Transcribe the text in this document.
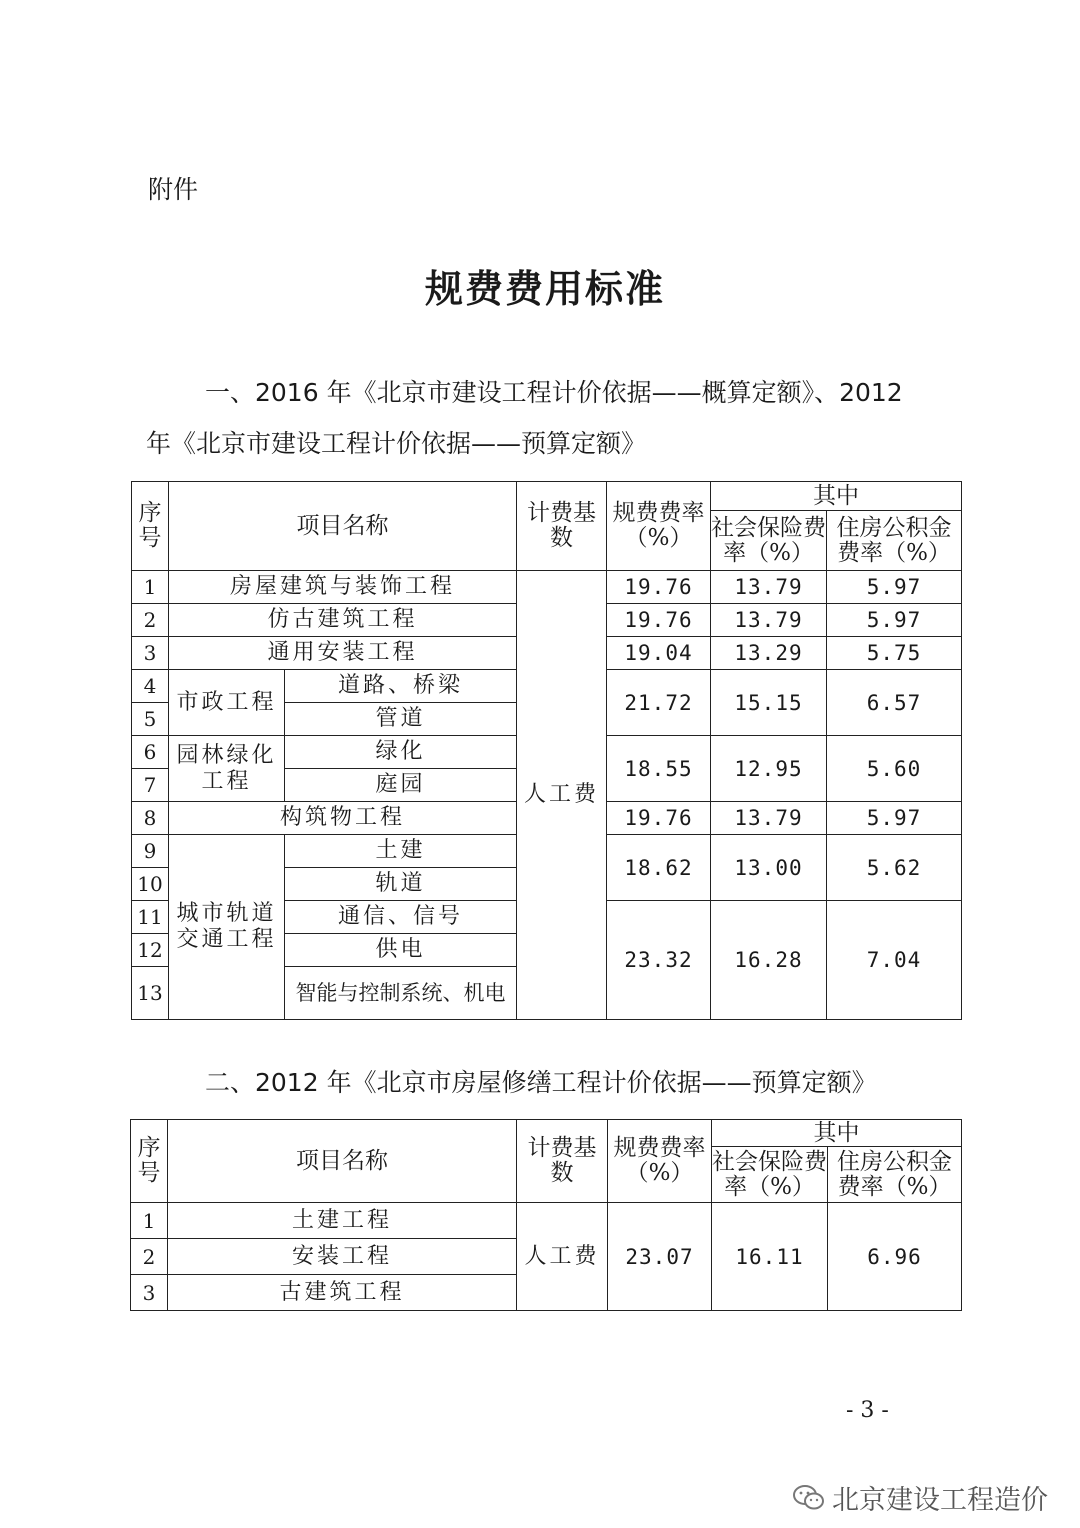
附件
规费费用标准
一、2016 年《北京市建设工程计价依据——概算定额》、2012
年《北京市建设工程计价依据——预算定额》
序号	项目名称		计费基数	规费费率（%）	其中	
					社会保险费率（%）	住房公积金费率（%）
1	房屋建筑与装饰工程		人工费	19.76	13.79	5.97
2	仿古建筑工程			19.76	13.79	5.97
3	通用安装工程			19.04	13.29	5.75
4	市政工程	道路、桥梁		21.72	15.15	6.57
5		管道				
6	园林绿化工程	绿化		18.55	12.95	5.60
7		庭园				
8	构筑物工程			19.76	13.79	5.97
9	城市轨道交通工程	土建		18.62	13.00	5.62
10		轨道				
11		通信、信号		23.32	16.28	7.04
12		供电				
13		智能与控制系统、机电				
二、2012 年《北京市房屋修缮工程计价依据——预算定额》
序号	项目名称	计费基数	规费费率（%）	其中	
				社会保险费率（%）	住房公积金费率（%）
1	土建工程	人工费	23.07	16.11	6.96
2	安装工程				
3	古建筑工程				
- 3 -
北京建设工程造价
